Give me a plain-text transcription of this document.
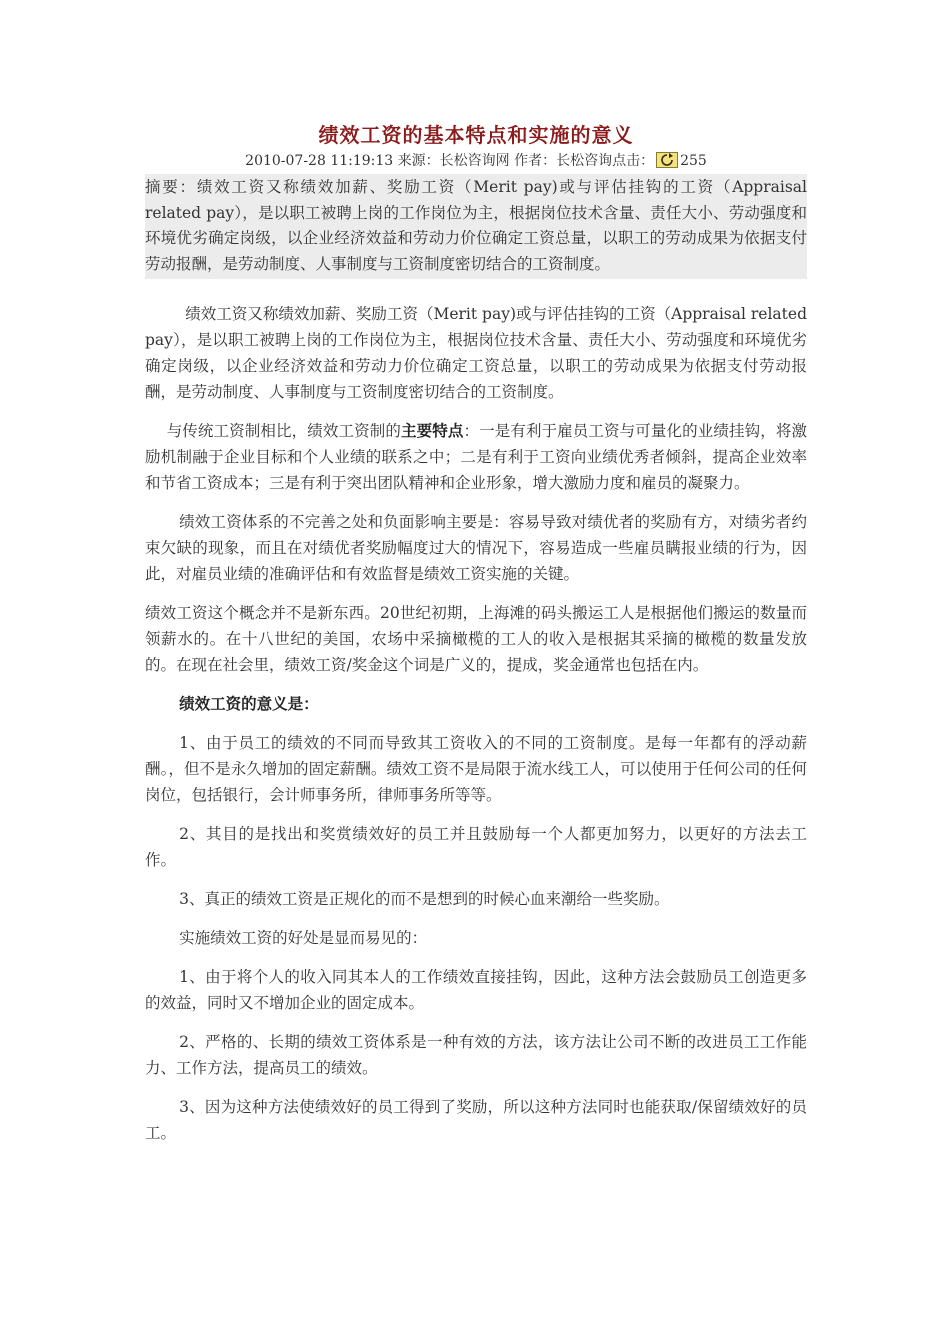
绩效工资的基本特点和实施的意义
2010-07-28 11:19:13 来源：长松咨询网 作者：长松咨询点击： 255
摘要：绩效工资又称绩效加薪、奖励工资（Merit pay)或与评估挂钩的工资（Appraisal related pay），是以职工被聘上岗的工作岗位为主，根据岗位技术含量、责任大小、劳动强度和环境优劣确定岗级，以企业经济效益和劳动力价位确定工资总量，以职工的劳动成果为依据支付劳动报酬，是劳动制度、人事制度与工资制度密切结合的工资制度。

绩效工资又称绩效加薪、奖励工资（Merit pay)或与评估挂钩的工资（Appraisal related pay），是以职工被聘上岗的工作岗位为主，根据岗位技术含量、责任大小、劳动强度和环境优劣确定岗级，以企业经济效益和劳动力价位确定工资总量，以职工的劳动成果为依据支付劳动报酬，是劳动制度、人事制度与工资制度密切结合的工资制度。

与传统工资制相比，绩效工资制的主要特点：一是有利于雇员工资与可量化的业绩挂钩，将激励机制融于企业目标和个人业绩的联系之中；二是有利于工资向业绩优秀者倾斜，提高企业效率和节省工资成本；三是有利于突出团队精神和企业形象，增大激励力度和雇员的凝聚力。

绩效工资体系的不完善之处和负面影响主要是：容易导致对绩优者的奖励有方，对绩劣者约束欠缺的现象，而且在对绩优者奖励幅度过大的情况下，容易造成一些雇员瞒报业绩的行为，因此，对雇员业绩的准确评估和有效监督是绩效工资实施的关键。

绩效工资这个概念并不是新东西。20世纪初期，上海滩的码头搬运工人是根据他们搬运的数量而领薪水的。在十八世纪的美国，农场中采摘橄榄的工人的收入是根据其采摘的橄榄的数量发放的。在现在社会里，绩效工资/奖金这个词是广义的，提成，奖金通常也包括在内。

绩效工资的意义是：

1、由于员工的绩效的不同而导致其工资收入的不同的工资制度。是每一年都有的浮动薪酬。，但不是永久增加的固定薪酬。绩效工资不是局限于流水线工人，可以使用于任何公司的任何岗位，包括银行，会计师事务所，律师事务所等等。

2、其目的是找出和奖赏绩效好的员工并且鼓励每一个人都更加努力，以更好的方法去工作。

3、真正的绩效工资是正规化的而不是想到的时候心血来潮给一些奖励。

实施绩效工资的好处是显而易见的：

1、由于将个人的收入同其本人的工作绩效直接挂钩，因此，这种方法会鼓励员工创造更多的效益，同时又不增加企业的固定成本。

2、严格的、长期的绩效工资体系是一种有效的方法，该方法让公司不断的改进员工工作能力、工作方法，提高员工的绩效。

3、因为这种方法使绩效好的员工得到了奖励，所以这种方法同时也能获取/保留绩效好的员工。
